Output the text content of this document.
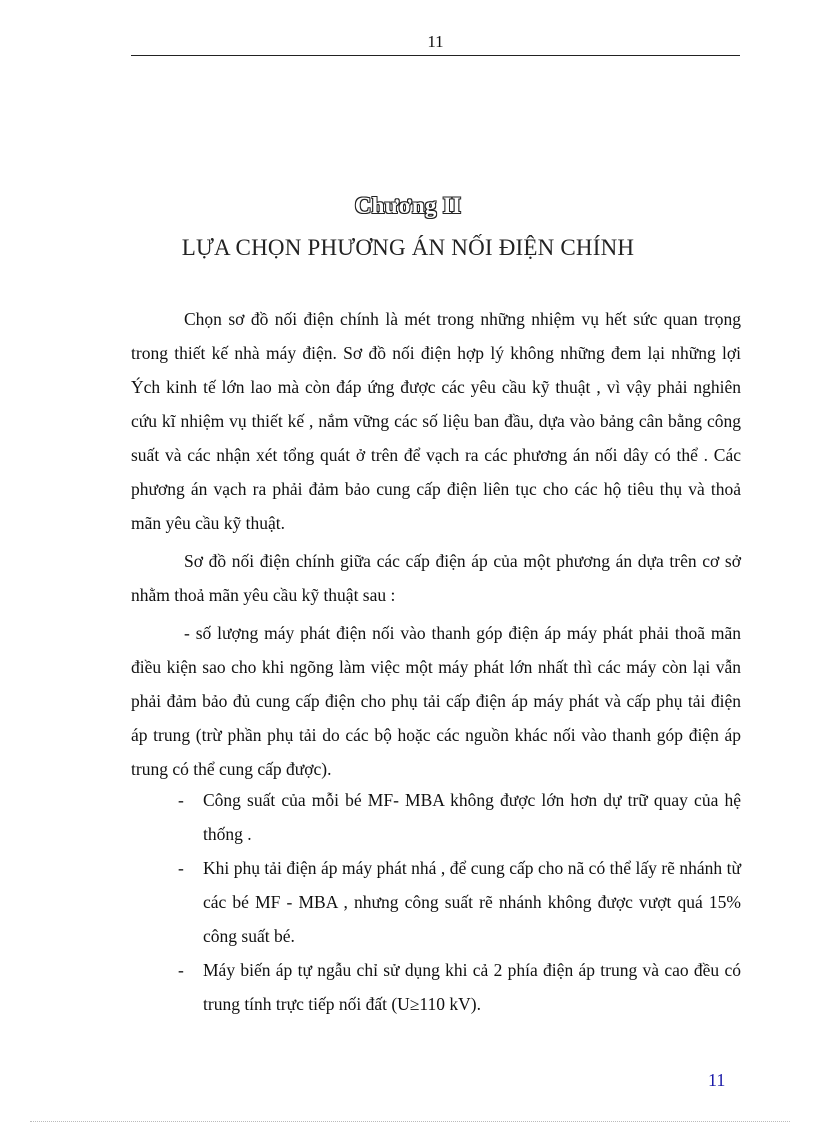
11
Chương II
LỰA CHỌN PHƯƠNG ÁN NỐI ĐIỆN CHÍNH

Chọn sơ đồ nối điện chính là mét trong những nhiệm vụ hết sức quan trọng trong thiết kế nhà máy điện. Sơ đồ nối điện hợp lý không những đem lại những lợi Ých kinh tế lớn lao mà còn đáp ứng được các yêu cầu kỹ thuật , vì vậy phải nghiên cứu kĩ nhiệm vụ thiết kế , nắm vững các số liệu ban đầu, dựa vào bảng cân bằng công suất và các nhận xét tổng quát ở trên để vạch ra các phương án nối dây có thể . Các phương án vạch ra phải đảm bảo cung cấp điện liên tục cho các hộ tiêu thụ và thoả mãn yêu cầu kỹ thuật.

Sơ đồ nối điện chính giữa các cấp điện áp của một phương án dựa trên cơ sở nhằm thoả mãn yêu cầu kỹ thuật sau :

- số lượng máy phát điện nối vào thanh góp điện áp máy phát phải thoã mãn điều kiện sao cho khi ngõng làm việc một máy phát lớn nhất thì các máy còn lại vẫn phải đảm bảo đủ cung cấp điện cho phụ tải cấp điện áp máy phát và cấp phụ tải điện áp trung (trừ phần phụ tải do các bộ hoặc các nguồn khác nối vào thanh góp điện áp trung có thể cung cấp được).

- Công suất của mỗi bé MF- MBA không được lớn hơn dự trữ quay của hệ thống .
- Khi phụ tải điện áp máy phát nhá , để cung cấp cho nã có thể lấy rẽ nhánh từ các bé MF - MBA , nhưng công suất rẽ nhánh không được vượt quá 15% công suất bé.
- Máy biến áp tự ngẫu chỉ sử dụng khi cả 2 phía điện áp trung và cao đều có trung tính trực tiếp nối đất (U≥110 kV).
11
